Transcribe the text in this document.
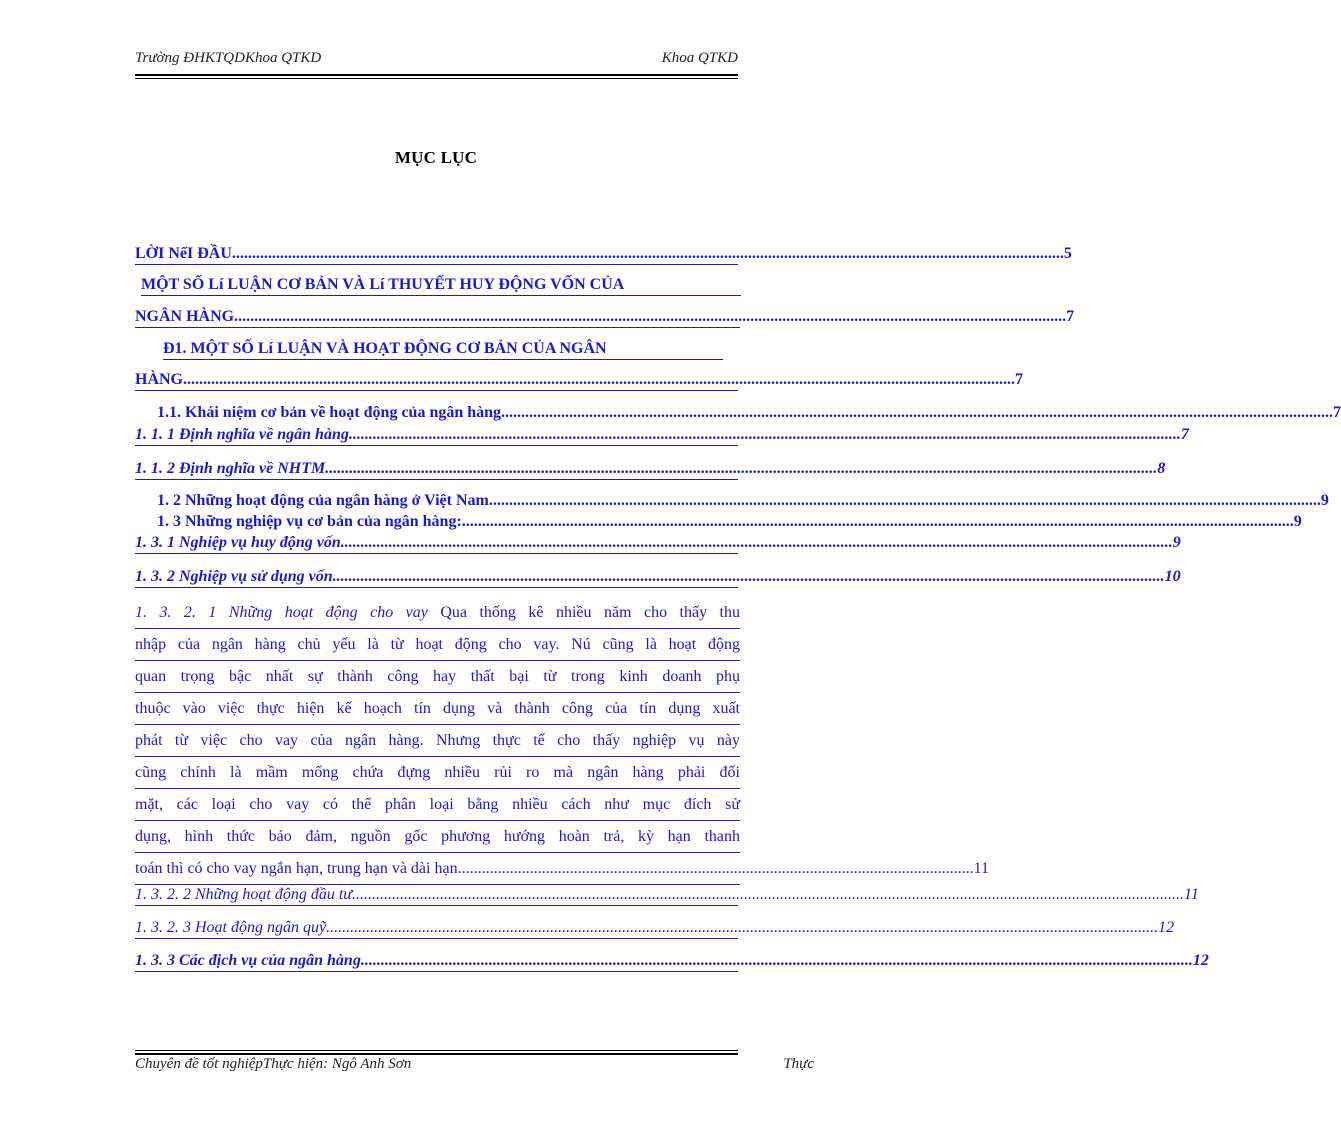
Trường ĐHKTQDKhoa QTKD	Khoa QTKD
MỤC LỤC
LỜI NểI ĐẦU .....	5
MỘT SỐ Lí LUẬN CƠ BẢN VÀ Lí THUYẾT HUY ĐỘNG VỐN CỦA
NGÂN HÀNG .....	7
Đ1. MỘT SỐ Lí LUẬN VÀ HOẠT ĐỘNG CƠ BẢN CỦA NGÂN
HÀNG .....	7
1.1. Khái niệm cơ bản về hoạt động của ngân hàng .....	7
1. 1. 1 Định nghĩa về ngân hàng .....	7
1. 1. 2 Định nghĩa về NHTM .....	8
1. 2 Những hoạt động của ngân hàng ở Việt Nam .....	9
1. 3 Những nghiệp vụ cơ bản của ngân hàng: .....	9
1. 3. 1 Nghiệp vụ huy động vốn .....	9
1. 3. 2 Nghiệp vụ sử dụng vốn .....	10
1. 3. 2. 1 Những hoạt động cho vay Qua thống kê nhiều năm cho thấy thu
nhập của ngân hàng chủ yếu là từ hoạt động cho vay. Nú cũng là hoạt động
quan trọng bậc nhất sự thành công hay thất bại từ trong kinh doanh phụ
thuộc vào việc thực hiện kế hoạch tín dụng và thành công của tín dụng xuất
phát từ việc cho vay của ngân hàng. Nhưng thực tế cho thấy nghiệp vụ này
cũng chính là mầm mống chứa đựng nhiều rủi ro mà ngân hàng phải đối
mặt, các loại cho vay có thể phân loại bằng nhiều cách như mục đích sử
dụng, hình thức bảo đảm, nguồn gốc phương hướng hoàn trả, kỳ hạn thanh
toán thì có cho vay ngắn hạn, trung hạn và dài hạn. ................................................................................................................................ 11
1. 3. 2. 2 Những hoạt động đầu tư .....	11
1. 3. 2. 3 Hoạt động ngân quỹ .....	12
1. 3. 3 Các địch vụ của ngân hàng .....	12
Chuyên đề tốt nghiệpThực hiện: Ngô Anh Sơn	Thực
